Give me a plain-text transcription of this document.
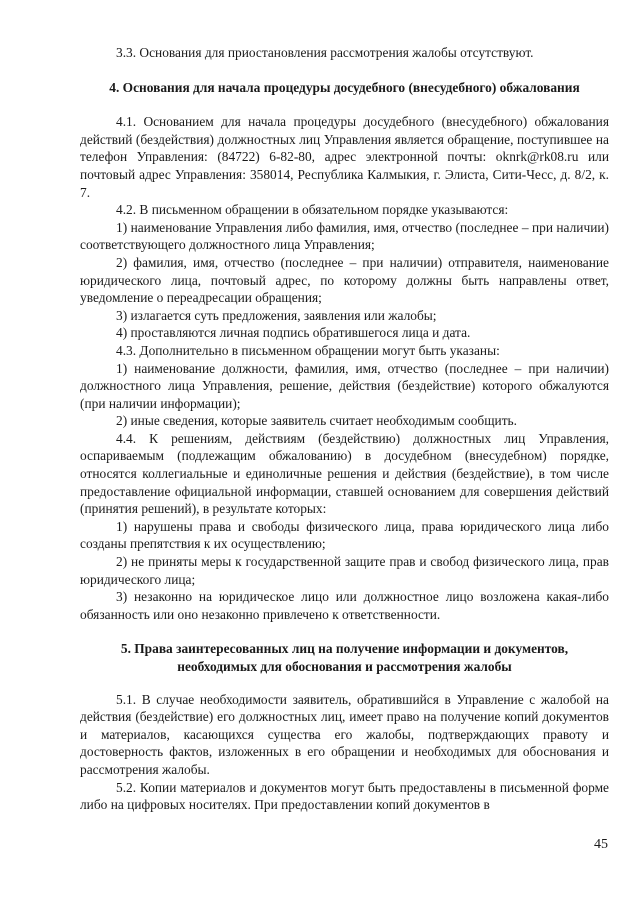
3.3. Основания для приостановления рассмотрения жалобы отсутствуют.

4. Основания для начала процедуры досудебного (внесудебного) обжалования

4.1. Основанием для начала процедуры досудебного (внесудебного) обжалования действий (бездействия) должностных лиц Управления является обращение, поступившее на телефон Управления: (84722) 6-82-80, адрес электронной почты: oknrk@rk08.ru или почтовый адрес Управления: 358014, Республика Калмыкия, г. Элиста, Сити-Чесс, д. 8/2, к. 7.

4.2. В письменном обращении в обязательном порядке указываются:

1) наименование Управления либо фамилия, имя, отчество (последнее – при наличии) соответствующего должностного лица Управления;

2) фамилия, имя, отчество (последнее – при наличии) отправителя, наименование юридического лица, почтовый адрес, по которому должны быть направлены ответ, уведомление о переадресации обращения;

3) излагается суть предложения, заявления или жалобы;

4) проставляются личная подпись обратившегося лица и дата.

4.3. Дополнительно в письменном обращении могут быть указаны:

1) наименование должности, фамилия, имя, отчество (последнее – при наличии) должностного лица Управления, решение, действия (бездействие) которого обжалуются (при наличии информации);

2) иные сведения, которые заявитель считает необходимым сообщить.

4.4. К решениям, действиям (бездействию) должностных лиц Управления, оспариваемым (подлежащим обжалованию) в досудебном (внесудебном) порядке, относятся коллегиальные и единоличные решения и действия (бездействие), в том числе предоставление официальной информации, ставшей основанием для совершения действий (принятия решений), в результате которых:

1) нарушены права и свободы физического лица, права юридического лица либо созданы препятствия к их осуществлению;

2) не приняты меры к государственной защите прав и свобод физического лица, прав юридического лица;

3) незаконно на юридическое лицо или должностное лицо возложена какая-либо обязанность или оно незаконно привлечено к ответственности.

5. Права заинтересованных лиц на получение информации и документов, необходимых для обоснования и рассмотрения жалобы

5.1. В случае необходимости заявитель, обратившийся в Управление с жалобой на действия (бездействие) его должностных лиц, имеет право на получение копий документов и материалов, касающихся существа его жалобы, подтверждающих правоту и достоверность фактов, изложенных в его обращении и необходимых для обоснования и рассмотрения жалобы.

5.2. Копии материалов и документов могут быть предоставлены в письменной форме либо на цифровых носителях. При предоставлении копий документов в

45
